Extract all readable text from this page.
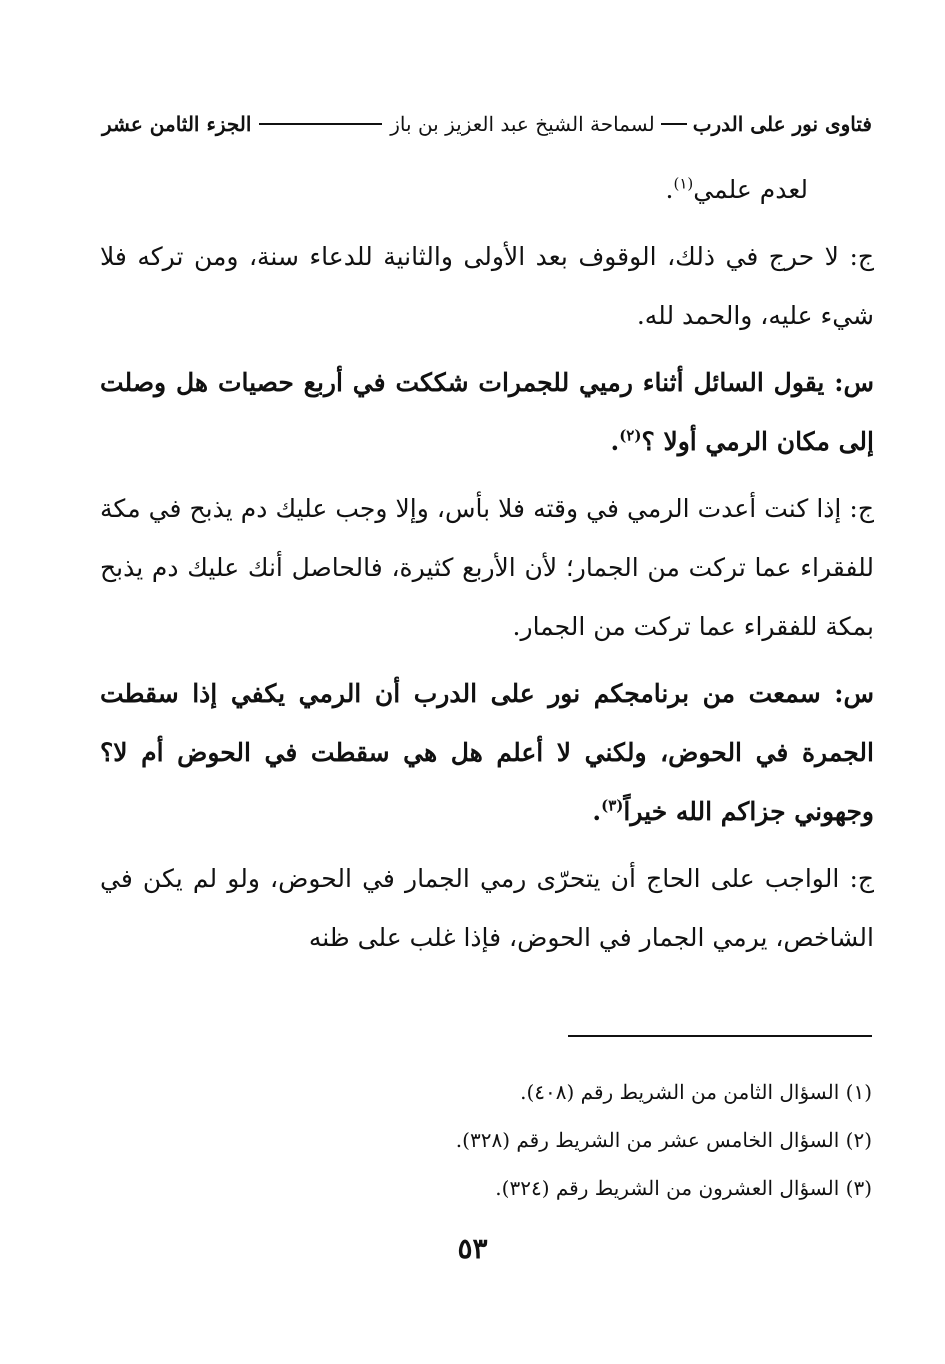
فتاوى نور على الدرب
لسماحة الشيخ عبد العزيز بن باز
الجزء الثامن عشر

لعدم علمي$^{(١)}$.

ج: لا حرج في ذلك، الوقوف بعد الأولى والثانية للدعاء سنة، ومن تركه فلا شيء عليه، والحمد لله.

س: يقول السائل أثناء رميي للجمرات شككت في أربع حصيات هل وصلت إلى مكان الرمي أولا ؟$^{(٢)}$.

ج: إذا كنت أعدت الرمي في وقته فلا بأس، وإلا وجب عليك دم يذبح في مكة للفقراء عما تركت من الجمار؛ لأن الأربع كثيرة، فالحاصل أنك عليك دم يذبح بمكة للفقراء عما تركت من الجمار.

س: سمعت من برنامجكم نور على الدرب أن الرمي يكفي إذا سقطت الجمرة في الحوض، ولكني لا أعلم هل هي سقطت في الحوض أم لا؟ وجهوني جزاكم الله خيراً$^{(٣)}$.

ج: الواجب على الحاج أن يتحرّى رمي الجمار في الحوض، ولو لم يكن في الشاخص، يرمي الجمار في الحوض، فإذا غلب على ظنه

(١) السؤال الثامن من الشريط رقم (٤٠٨).

(٢) السؤال الخامس عشر من الشريط رقم (٣٢٨).

(٣) السؤال العشرون من الشريط رقم (٣٢٤).

٥٣
